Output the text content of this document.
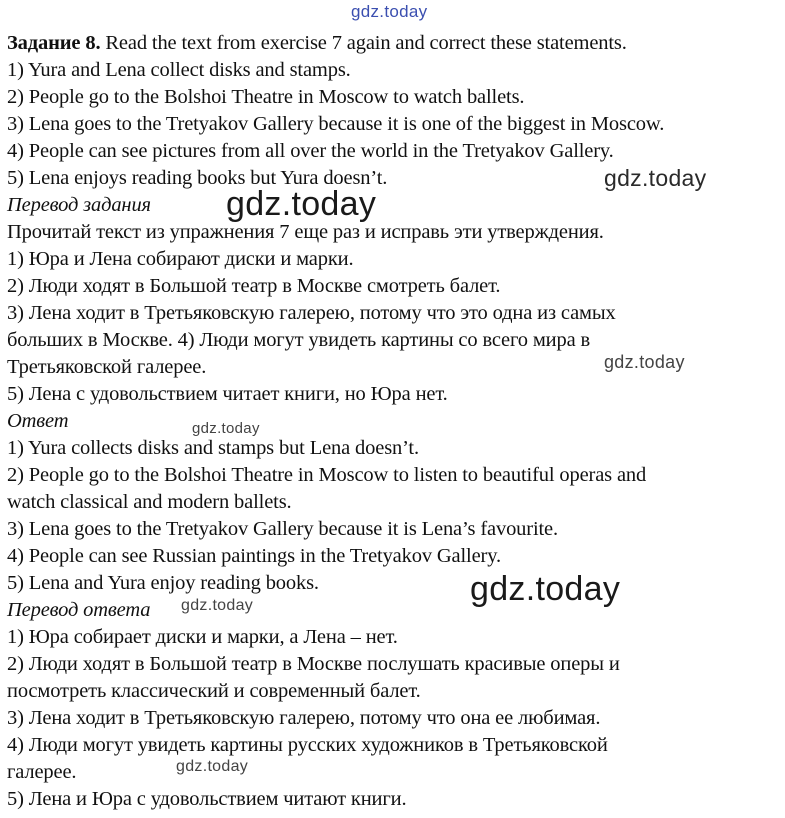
Задание 8. Read the text from exercise 7 again and correct these statements.
1) Yura and Lena collect disks and stamps.
2) People go to the Bolshoi Theatre in Moscow to watch ballets.
3) Lena goes to the Tretyakov Gallery because it is one of the biggest in Moscow.
4) People can see pictures from all over the world in the Tretyakov Gallery.
5) Lena enjoys reading books but Yura doesn’t.
Перевод задания
Прочитай текст из упражнения 7 еще раз и исправь эти утверждения.
1) Юра и Лена собирают диски и марки.
2) Люди ходят в Большой театр в Москве смотреть балет.
3) Лена ходит в Третьяковскую галерею, потому что это одна из самых
больших в Москве. 4) Люди могут увидеть картины со всего мира в
Третьяковской галерее.
5) Лена с удовольствием читает книги, но Юра нет.
Ответ
1) Yura collects disks and stamps but Lena doesn’t.
2) People go to the Bolshoi Theatre in Moscow to listen to beautiful operas and
watch classical and modern ballets.
3) Lena goes to the Tretyakov Gallery because it is Lena’s favourite.
4) People can see Russian paintings in the Tretyakov Gallery.
5) Lena and Yura enjoy reading books.
Перевод ответа
1) Юра собирает диски и марки, а Лена – нет.
2) Люди ходят в Большой театр в Москве послушать красивые оперы и
посмотреть классический и современный балет.
3) Лена ходит в Третьяковскую галерею, потому что она ее любимая.
4) Люди могут увидеть картины русских художников в Третьяковской
галерее.
5) Лена и Юра с удовольствием читают книги.
gdz.today
gdz.today
gdz.today
gdz.today
gdz.today
gdz.today
gdz.today
gdz.today
